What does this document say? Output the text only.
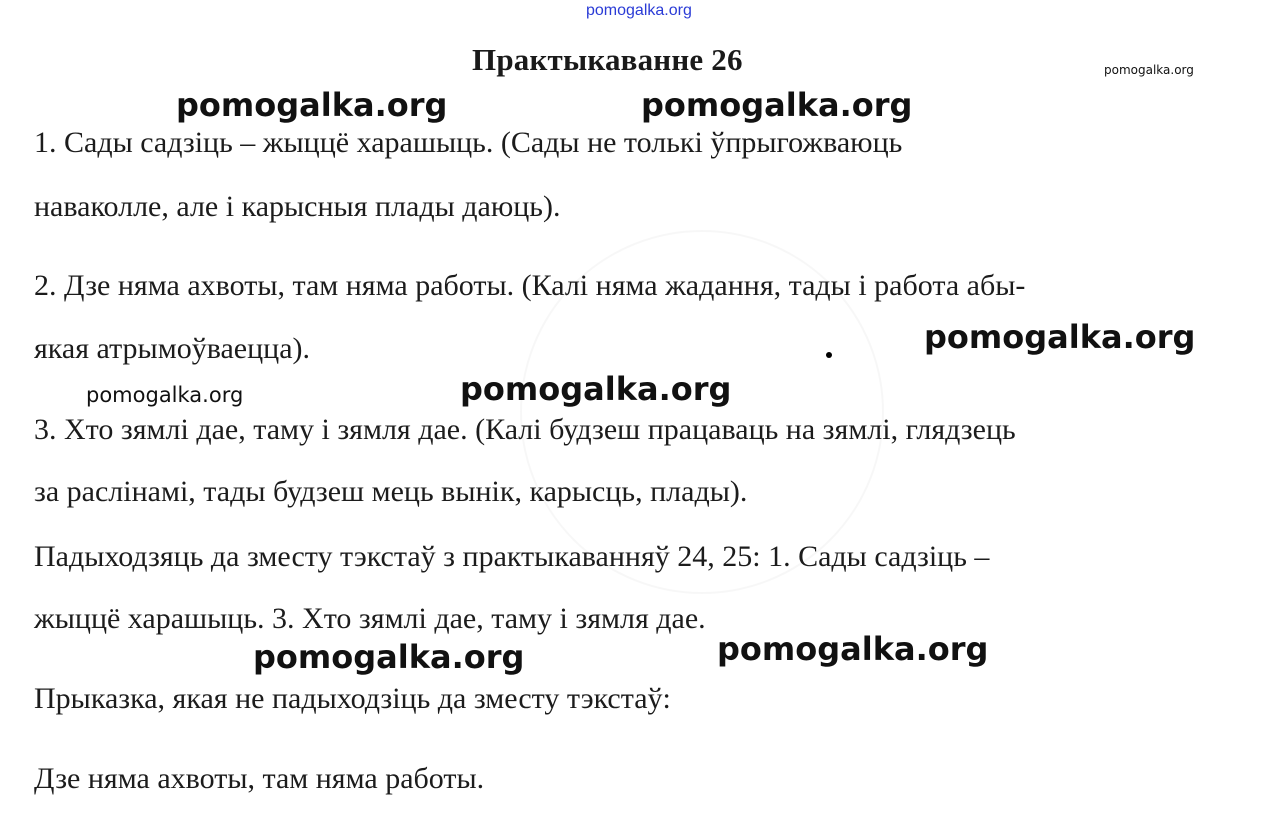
pomogalka.org
Практыкаванне 26	pomogalka.org
pomogalka.org	pomogalka.org
1. Сады садзіць – жыццё харашыць. (Сады не толькі ўпрыгожваюць
наваколле, але і карысныя плады даюць).
2. Дзе няма ахвоты, там няма работы. (Калі няма жадання, тады і работа абы-
якая атрымоўваецца).	pomogalka.org
pomogalka.org	pomogalka.org
3. Хто зямлі дае, таму і зямля дае. (Калі будзеш працаваць на зямлі, глядзець
за раслінамі, тады будзеш мець вынік, карысць, плады).
Падыходзяць да зместу тэкстаў з практыкаванняў 24, 25: 1. Сады садзіць –
жыццё харашыць. 3. Хто зямлі дае, таму і зямля дае.
pomogalka.org	pomogalka.org
Прыказка, якая не падыходзіць да зместу тэкстаў:
Дзе няма ахвоты, там няма работы.
